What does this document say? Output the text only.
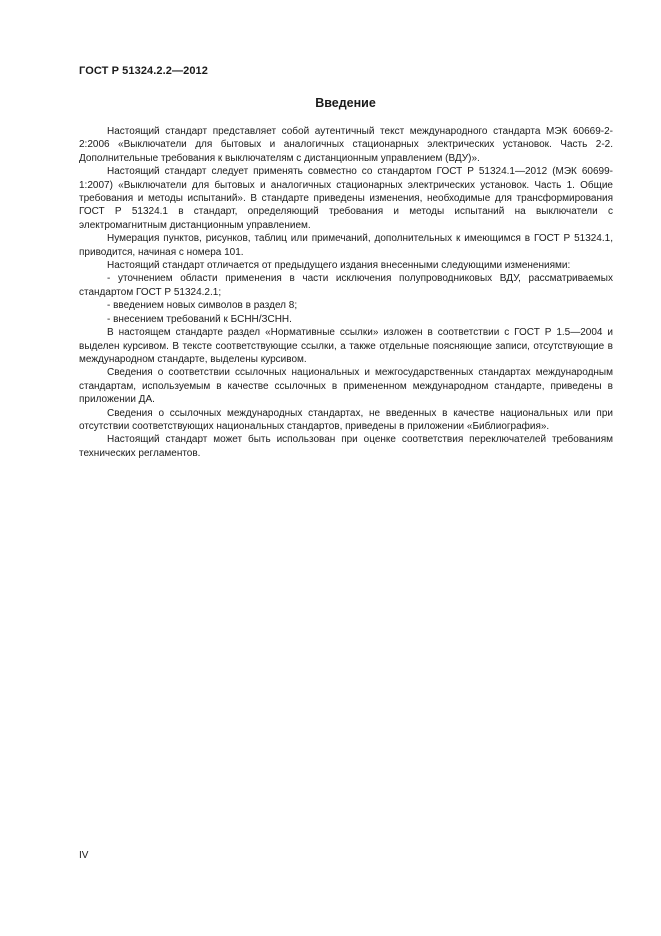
ГОСТ Р 51324.2.2—2012
Введение

Настоящий стандарт представляет собой аутентичный текст международного стандарта МЭК 60669-2-2:2006 «Выключатели для бытовых и аналогичных стационарных электрических установок. Часть 2-2. Дополнительные требования к выключателям с дистанционным управлением (ВДУ)».

Настоящий стандарт следует применять совместно со стандартом ГОСТ Р 51324.1—2012 (МЭК 60699-1:2007) «Выключатели для бытовых и аналогичных стационарных электрических установок. Часть 1. Общие требования и методы испытаний». В стандарте приведены изменения, необходимые для трансформирования ГОСТ Р 51324.1 в стандарт, определяющий требования и методы испытаний на выключатели с электромагнитным дистанционным управлением.

Нумерация пунктов, рисунков, таблиц или примечаний, дополнительных к имеющимся в ГОСТ Р 51324.1, приводится, начиная с номера 101.

Настоящий стандарт отличается от предыдущего издания внесенными следующими изменениями:

- уточнением области применения в части исключения полупроводниковых ВДУ, рассматриваемых стандартом ГОСТ Р 51324.2.1;

- введением новых символов в раздел 8;

- внесением требований к БСНН/ЗСНН.

В настоящем стандарте раздел «Нормативные ссылки» изложен в соответствии с ГОСТ Р 1.5—2004 и выделен курсивом. В тексте соответствующие ссылки, а также отдельные поясняющие записи, отсутствующие в международном стандарте, выделены курсивом.

Сведения о соответствии ссылочных национальных и межгосударственных стандартах международным стандартам, используемым в качестве ссылочных в примененном международном стандарте, приведены в приложении ДА.

Сведения о ссылочных международных стандартах, не введенных в качестве национальных или при отсутствии соответствующих национальных стандартов, приведены в приложении «Библиография».

Настоящий стандарт может быть использован при оценке соответствия переключателей требованиям технических регламентов.

IV
